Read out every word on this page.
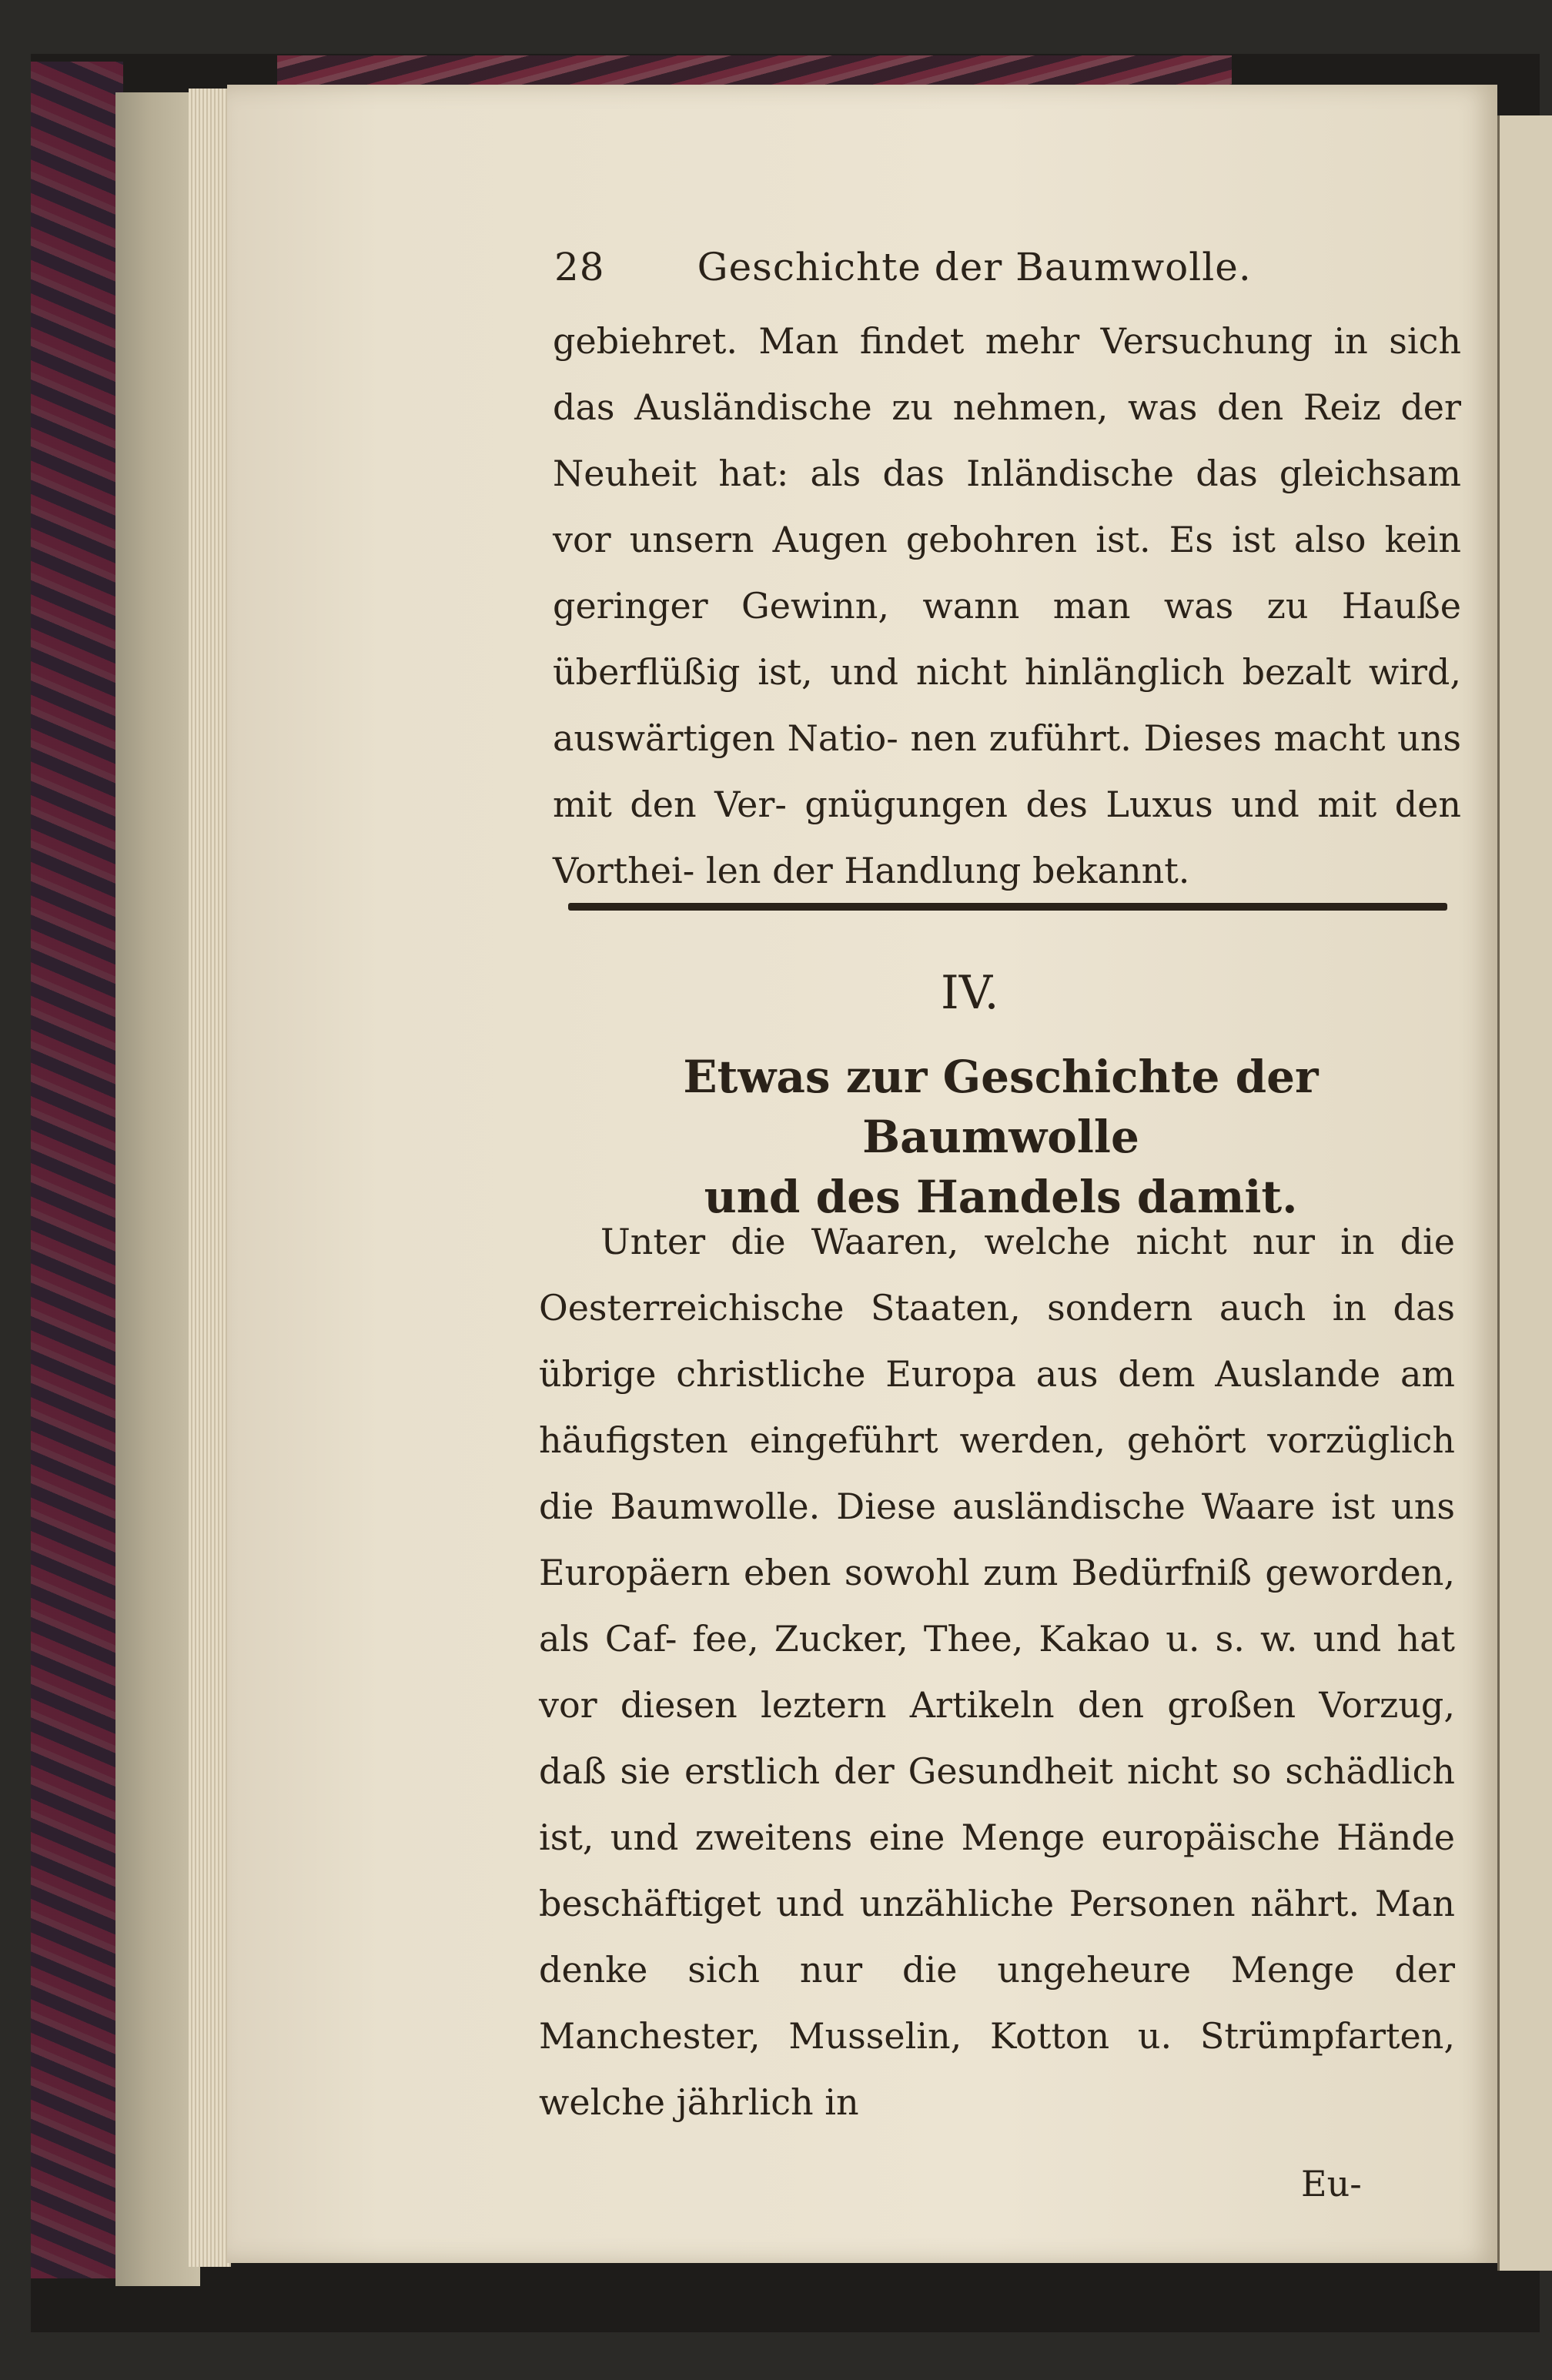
28 Geschichte der Baumwolle.
gebiehret. Man findet mehr Versuchung in sich das Ausländische zu nehmen, was den Reiz der Neuheit hat: als das Inländische das gleichsam vor unsern Augen gebohren ist. Es ist also kein geringer Gewinn, wann man was zu Hauße überflüßig ist, und nicht hinlänglich bezalt wird, auswärtigen Natio- nen zuführt. Dieses macht uns mit den Ver- gnügungen des Luxus und mit den Vorthei- len der Handlung bekannt.
IV.
Etwas zur Geschichte der Baumwolle
und des Handels damit.
Unter die Waaren, welche nicht nur in die Oesterreichische Staaten, sondern auch in das übrige christliche Europa aus dem Auslande am häufigsten eingeführt werden, gehört vorzüglich die Baumwolle. Diese ausländische Waare ist uns Europäern eben sowohl zum Bedürfniß geworden, als Caf- fee, Zucker, Thee, Kakao u. s. w. und hat vor diesen leztern Artikeln den großen Vorzug, daß sie erstlich der Gesundheit nicht so schädlich ist, und zweitens eine Menge europäische Hände beschäftiget und unzähliche Personen nährt. Man denke sich nur die ungeheure Menge der Manchester, Musselin, Kotton u. Strümpfarten, welche jährlich in
Eu-
